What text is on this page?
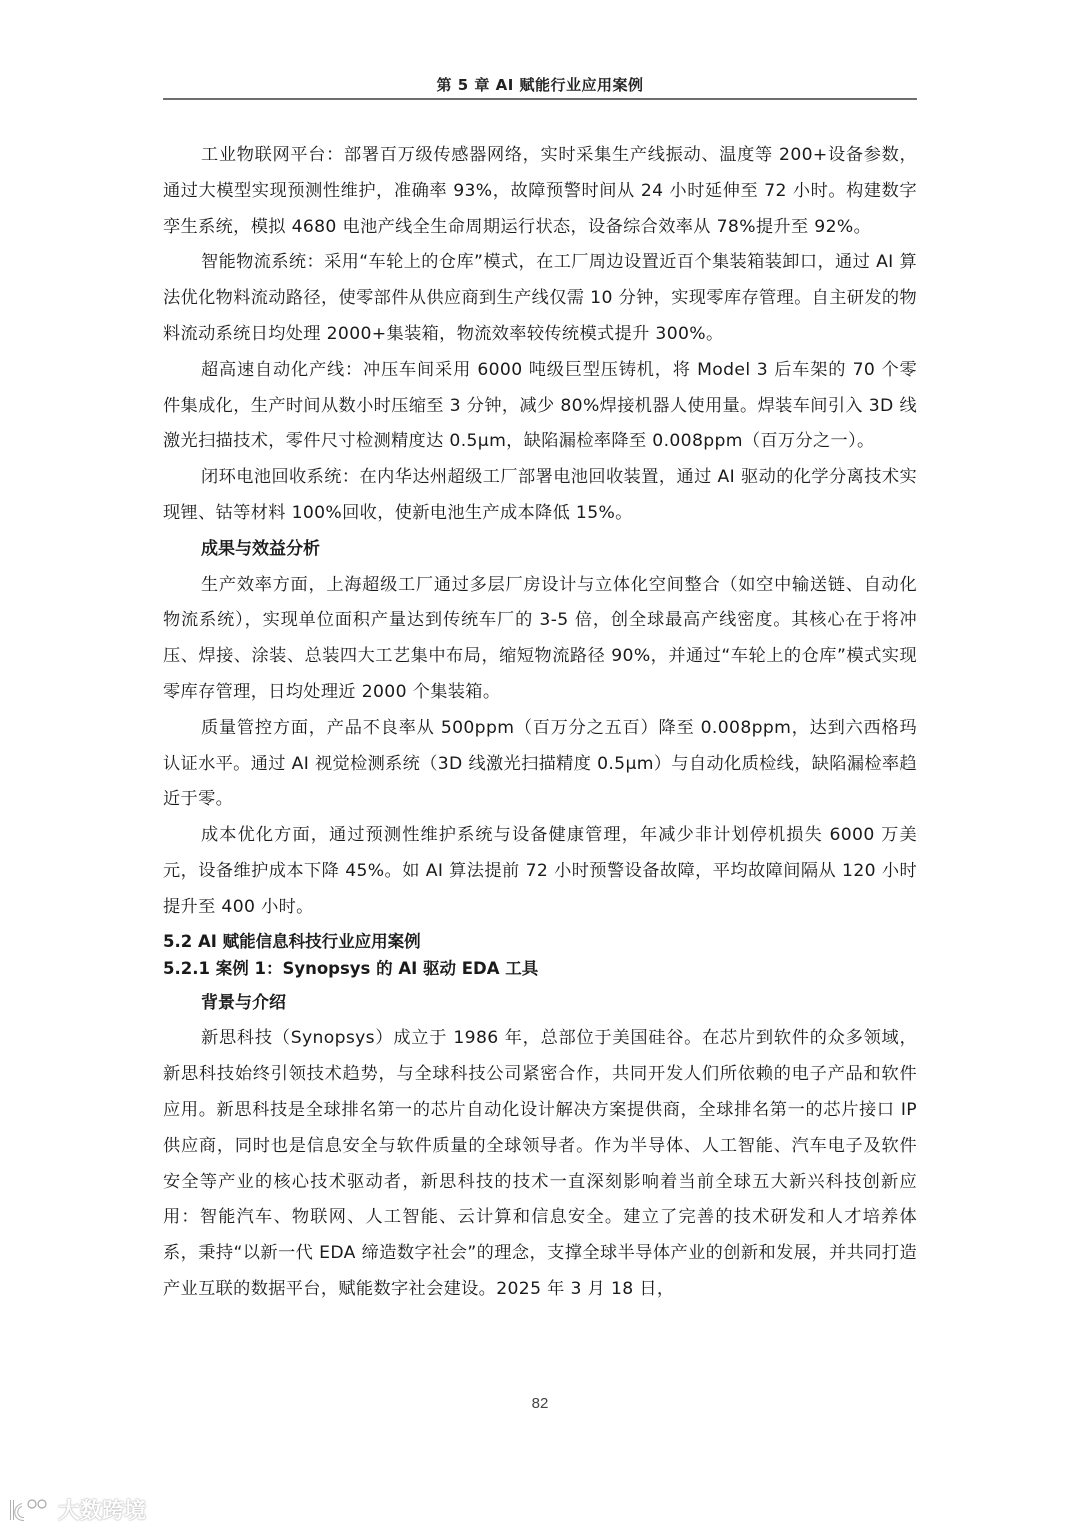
第 5 章 AI 赋能行业应用案例

工业物联网平台：部署百万级传感器网络，实时采集生产线振动、温度等 200+设备参数，通过大模型实现预测性维护，准确率 93%，故障预警时间从 24 小时延伸至 72 小时。构建数字孪生系统，模拟 4680 电池产线全生命周期运行状态，设备综合效率从 78%提升至 92%。

智能物流系统：采用“车轮上的仓库”模式，在工厂周边设置近百个集装箱装卸口，通过 AI 算法优化物料流动路径，使零部件从供应商到生产线仅需 10 分钟，实现零库存管理。自主研发的物料流动系统日均处理 2000+集装箱，物流效率较传统模式提升 300%。

超高速自动化产线：冲压车间采用 6000 吨级巨型压铸机，将 Model 3 后车架的 70 个零件集成化，生产时间从数小时压缩至 3 分钟，减少 80%焊接机器人使用量。焊装车间引入 3D 线激光扫描技术，零件尺寸检测精度达 0.5μm，缺陷漏检率降至 0.008ppm（百万分之一）。

闭环电池回收系统：在内华达州超级工厂部署电池回收装置，通过 AI 驱动的化学分离技术实现锂、钴等材料 100%回收，使新电池生产成本降低 15%。

成果与效益分析

生产效率方面，上海超级工厂通过多层厂房设计与立体化空间整合（如空中输送链、自动化物流系统），实现单位面积产量达到传统车厂的 3-5 倍，创全球最高产线密度。其核心在于将冲压、焊接、涂装、总装四大工艺集中布局，缩短物流路径 90%，并通过“车轮上的仓库”模式实现零库存管理，日均处理近 2000 个集装箱。

质量管控方面，产品不良率从 500ppm（百万分之五百）降至 0.008ppm，达到六西格玛认证水平。通过 AI 视觉检测系统（3D 线激光扫描精度 0.5μm）与自动化质检线，缺陷漏检率趋近于零。

成本优化方面，通过预测性维护系统与设备健康管理，年减少非计划停机损失 6000 万美元，设备维护成本下降 45%。如 AI 算法提前 72 小时预警设备故障，平均故障间隔从 120 小时提升至 400 小时。

5.2 AI 赋能信息科技行业应用案例

5.2.1 案例 1：Synopsys 的 AI 驱动 EDA 工具

背景与介绍

新思科技（Synopsys）成立于 1986 年，总部位于美国硅谷。在芯片到软件的众多领域，新思科技始终引领技术趋势，与全球科技公司紧密合作，共同开发人们所依赖的电子产品和软件应用。新思科技是全球排名第一的芯片自动化设计解决方案提供商，全球排名第一的芯片接口 IP 供应商，同时也是信息安全与软件质量的全球领导者。作为半导体、人工智能、汽车电子及软件安全等产业的核心技术驱动者，新思科技的技术一直深刻影响着当前全球五大新兴科技创新应用：智能汽车、物联网、人工智能、云计算和信息安全。建立了完善的技术研发和人才培养体系，秉持“以新一代 EDA 缔造数字社会”的理念，支撑全球半导体产业的创新和发展，并共同打造产业互联的数据平台，赋能数字社会建设。2025 年 3 月 18 日，

82
大数跨境
